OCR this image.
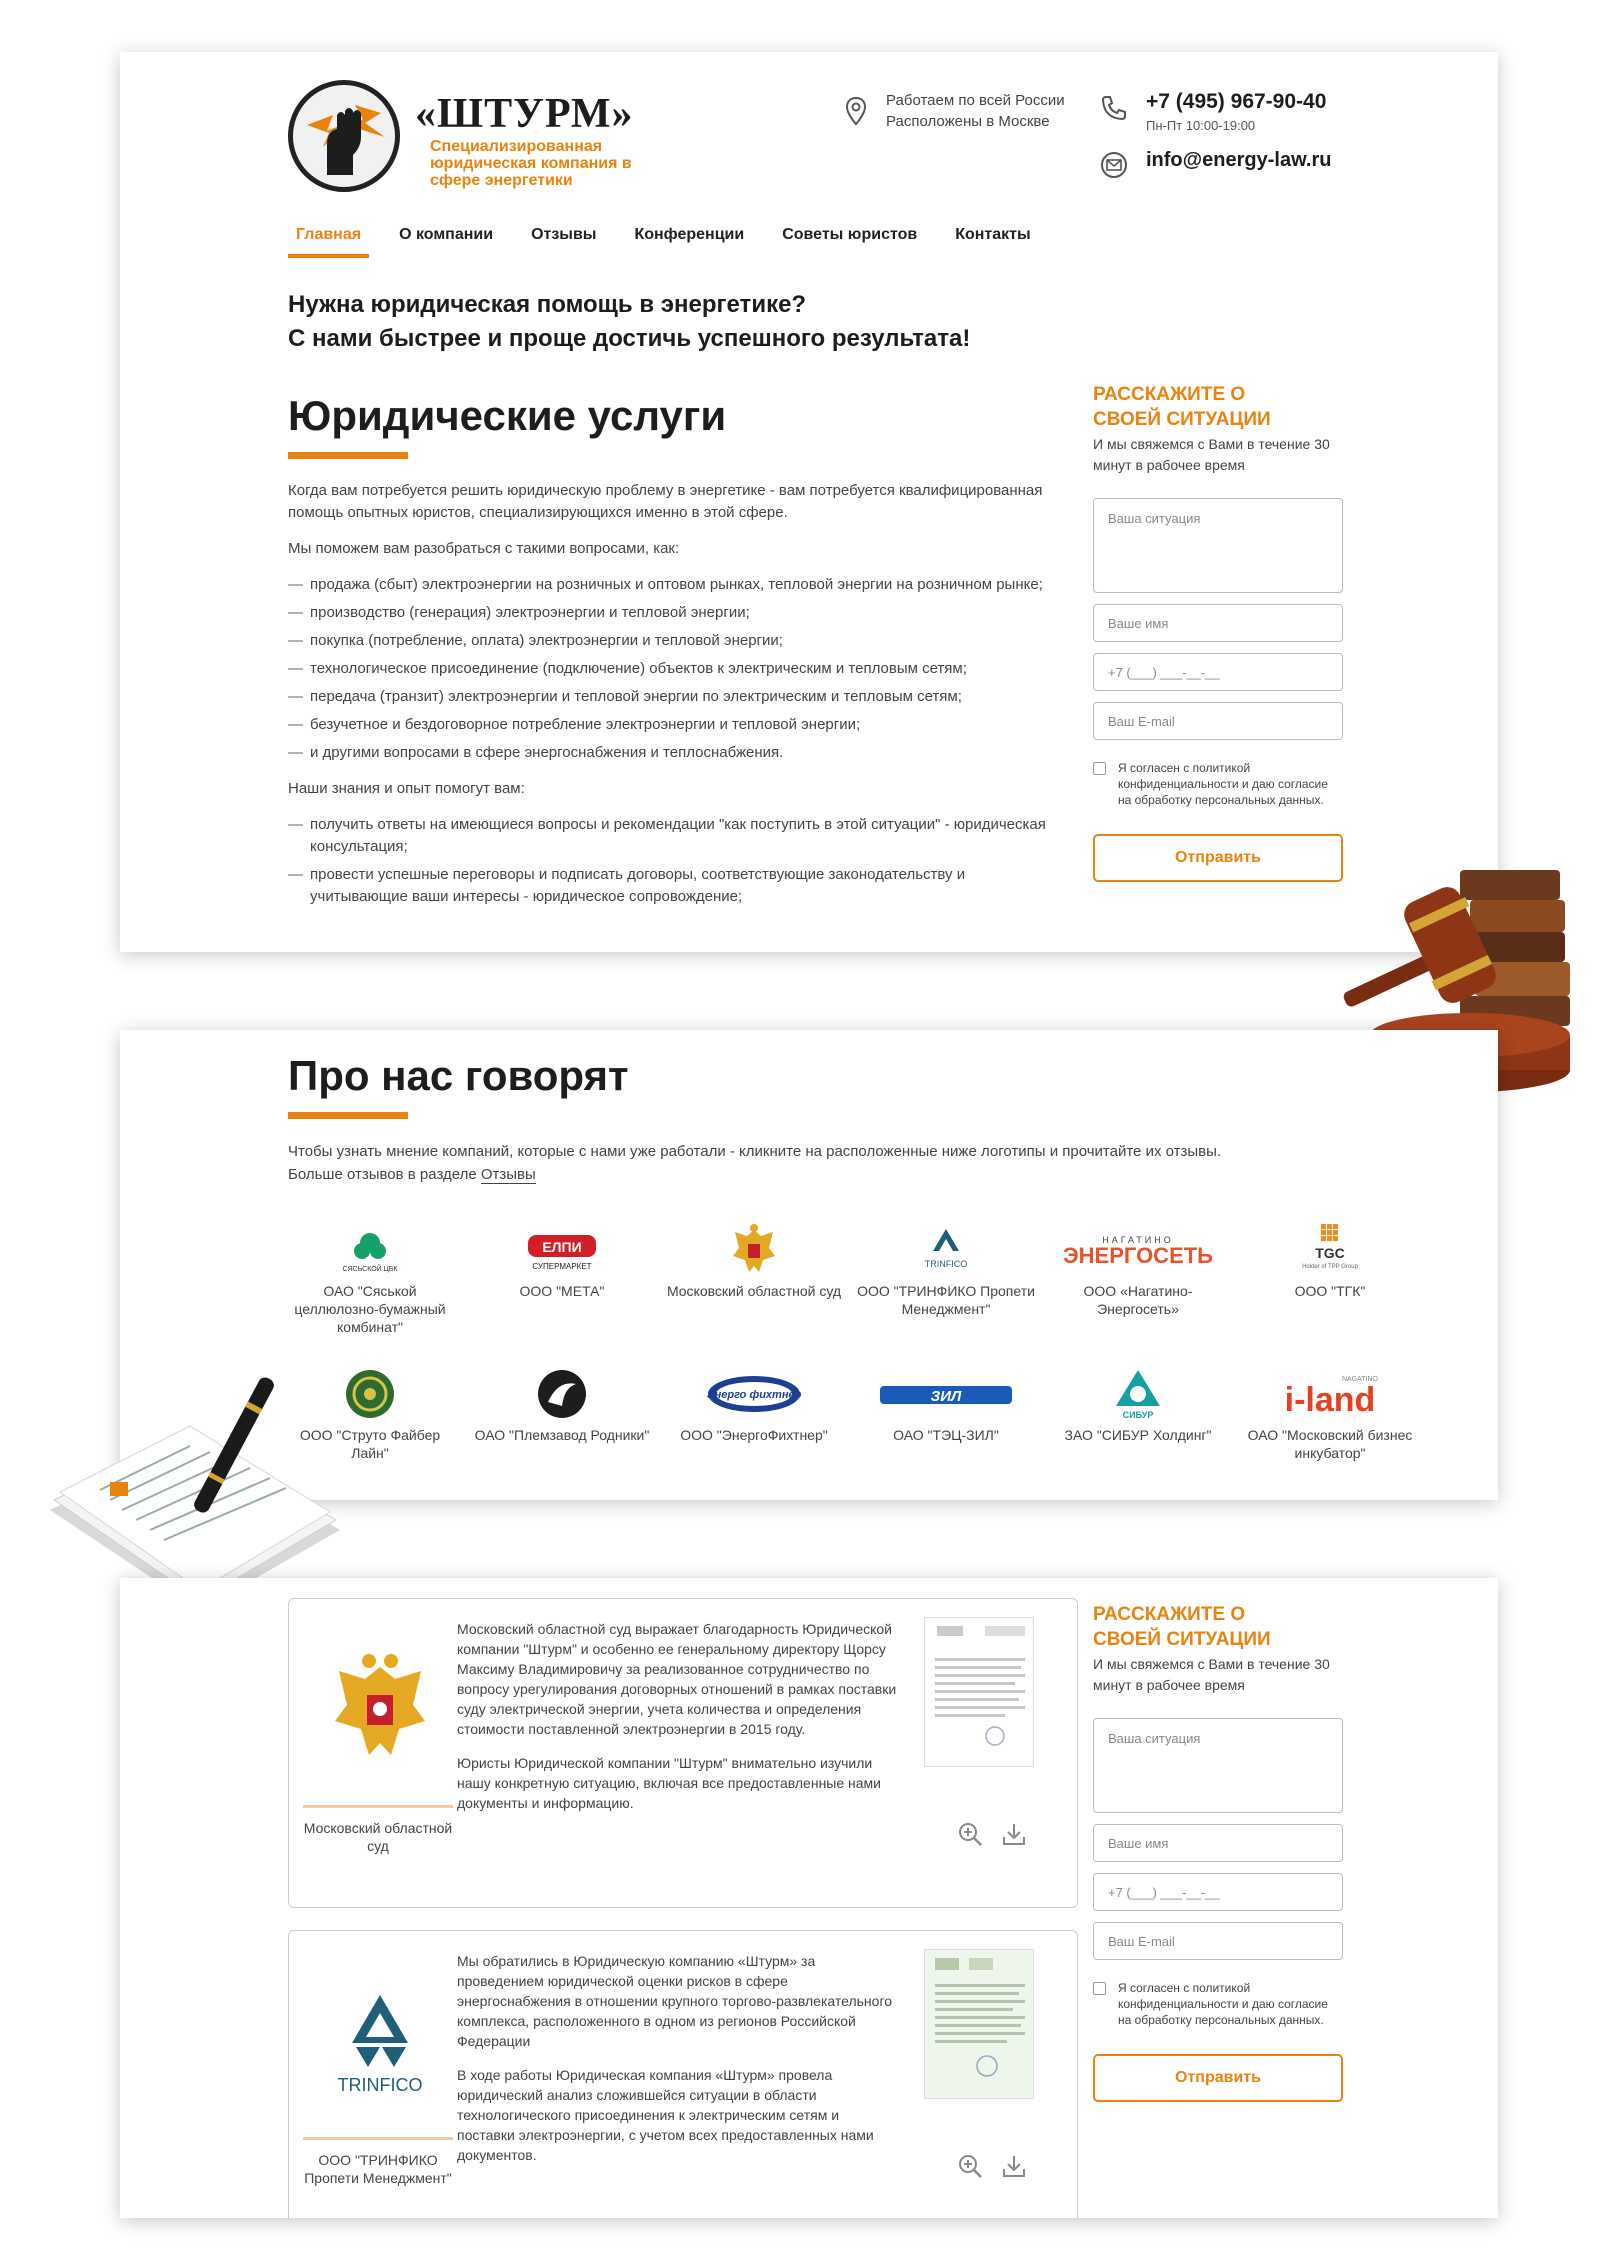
«ШТУРМ»
Специализированная юридическая компания в сфере энергетики
Работаем по всей России
Расположены в Москве
+7 (495) 967-90-40
Пн-Пт 10:00-19:00
info@energy-law.ru
Главная	О компании	Отзывы	Конференции	Советы юристов	Контакты
Нужна юридическая помощь в энергетике?
С нами быстрее и проще достичь успешного результата!
Юридические услуги

Когда вам потребуется решить юридическую проблему в энергетике - вам потребуется квалифицированная помощь опытных юристов, специализирующихся именно в этой сфере.

Мы поможем вам разобраться с такими вопросами, как:

— продажа (сбыт) электроэнергии на розничных и оптовом рынках, тепловой энергии на розничном рынке;
— производство (генерация) электроэнергии и тепловой энергии;
— покупка (потребление, оплата) электроэнергии и тепловой энергии;
— технологическое присоединение (подключение) объектов к электрическим и тепловым сетям;
— передача (транзит) электроэнергии и тепловой энергии по электрическим и тепловым сетям;
— безучетное и бездоговорное потребление электроэнергии и тепловой энергии;
— и другими вопросами в сфере энергоснабжения и теплоснабжения.

Наши знания и опыт помогут вам:

— получить ответы на имеющиеся вопросы и рекомендации "как поступить в этой ситуации" - юридическая консультация;
— провести успешные переговоры и подписать договоры, соответствующие законодательству и учитывающие ваши интересы - юридическое сопровождение;
РАССКАЖИТЕ О
СВОЕЙ СИТУАЦИИ
И мы свяжемся с Вами в течение 30 минут в рабочее время
Ваша ситуация
Ваше имя
+7 (___) ___-__-__
Ваш E-mail
Я согласен с политикой конфиденциальности и даю согласие на обработку персональных данных.
Отправить
Про нас говорят
Чтобы узнать мнение компаний, которые с нами уже работали - кликните на расположенные ниже логотипы и прочитайте их отзывы.
Больше отзывов в разделе Отзывы
СЯСЬСКОЙ ЦБК
ОАО "Сяськой целлюлозно-бумажный комбинат"
ЕЛПИ
СУПЕРМАРКЕТ
ООО "МЕТА"	Московский областной суд
TRINFICO
ООО "ТРИНФИКО Пропети Менеджмент"
НАГАТИНО
ЭНЕРГОСЕТЬ
ООО «Нагатино-Энергосеть»
TGC
Holder of TPP Group
ООО "ТГК"
ООО "Струто Файбер Лайн"
ОАО "Племзавод Родники"
Энерго фихтнер
ООО "ЭнергоФихтнер"
ЗИЛ
ОАО "ТЭЦ-ЗИЛ"
СИБУР
ЗАО "СИБУР Холдинг"
NAGATINO
i-land
ОАО "Московский бизнес инкубатор"
Московский областной суд

Московский областной суд выражает благодарность Юридической компании "Штурм" и особенно ее генеральному директору Щорсу Максиму Владимировичу за реализованное сотрудничество по вопросу урегулирования договорных отношений в рамках поставки суду электрической энергии, учета количества и определения стоимости поставленной электроэнергии в 2015 году.

Юристы Юридической компании "Штурм" внимательно изучили нашу конкретную ситуацию, включая все предоставленные нами документы и информацию.

TRINFICO
ООО "ТРИНФИКО Пропети Менеджмент"

Мы обратились в Юридическую компанию «Штурм» за проведением юридической оценки рисков в сфере энергоснабжения в отношении крупного торгово-развлекательного комплекса, расположенного в одном из регионов Российской Федерации

В ходе работы Юридическая компания «Штурм» провела юридический анализ сложившейся ситуации в области технологического присоединения к электрическим сетям и поставки электроэнергии, с учетом всех предоставленных нами документов.

РАССКАЖИТЕ О
СВОЕЙ СИТУАЦИИ
И мы свяжемся с Вами в течение 30 минут в рабочее время
Ваша ситуация
Ваше имя
+7 (___) ___-__-__
Ваш E-mail
Я согласен с политикой конфиденциальности и даю согласие на обработку персональных данных.
Отправить
